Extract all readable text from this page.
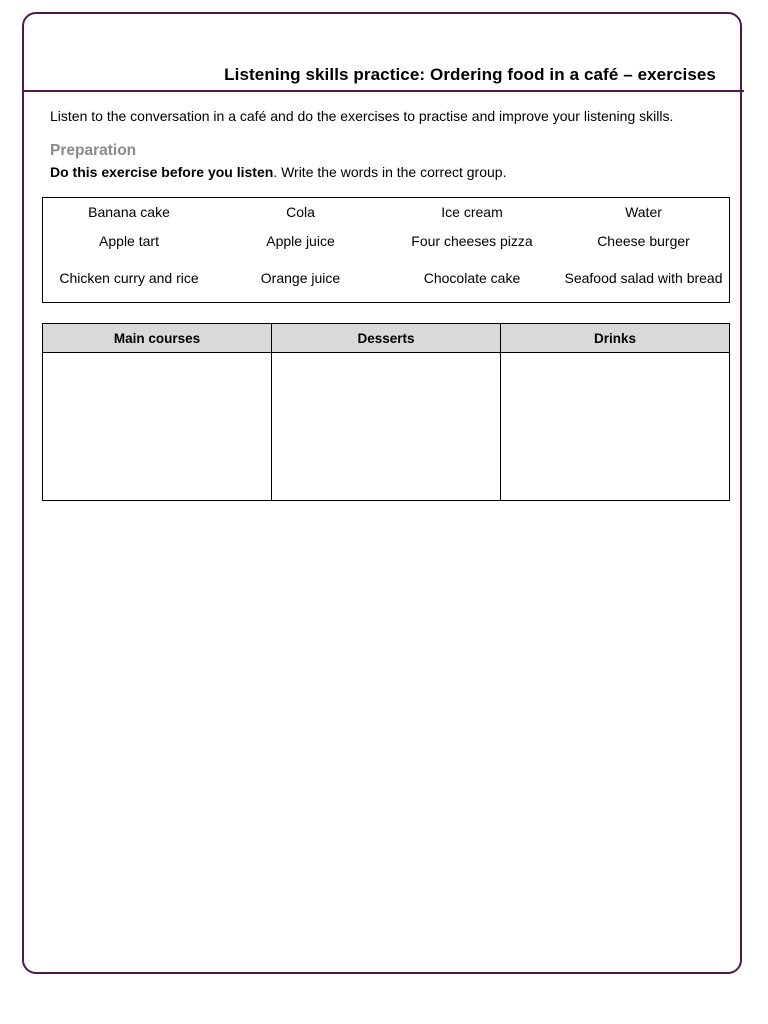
Listening skills practice: Ordering food in a café – exercises
Listen to the conversation in a café and do the exercises to practise and improve your listening skills.
Preparation
Do this exercise before you listen. Write the words in the correct group.
Banana cake	Cola	Ice cream	Water
Apple tart	Apple juice	Four cheeses pizza	Cheese burger
Chicken curry and rice	Orange juice	Chocolate cake	Seafood salad with bread
Main courses	Desserts	Drinks
